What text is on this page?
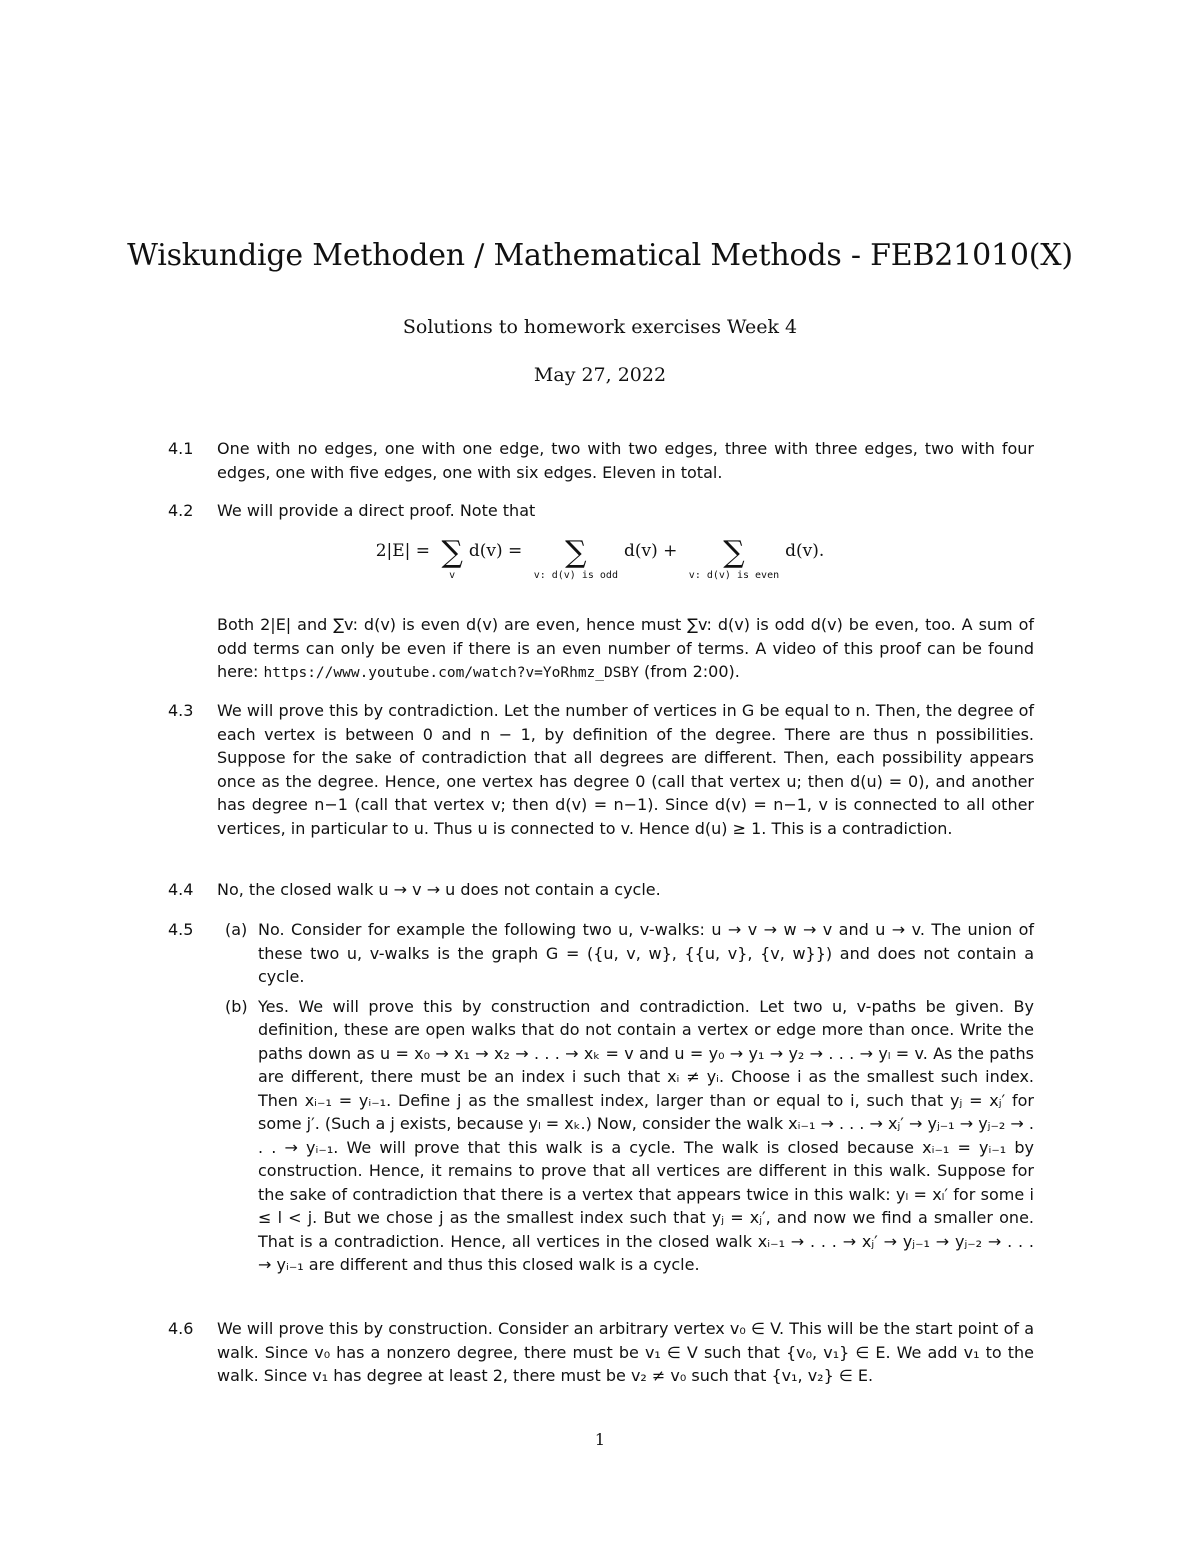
Wiskundige Methoden / Mathematical Methods - FEB21010(X)
Solutions to homework exercises Week 4
May 27, 2022
4.1	One with no edges, one with one edge, two with two edges, three with three edges, two with four edges, one with five edges, one with six edges. Eleven in total.
4.2	We will provide a direct proof. Note that
2|E| = ∑
v
d(v) =	∑
v: d(v) is odd
d(v) +	∑
v: d(v) is even
d(v).
Both 2|E| and ∑v: d(v) is even d(v) are even, hence must ∑v: d(v) is odd d(v) be even, too. A sum of odd terms can only be even if there is an even number of terms. A video of this proof can be found here: https://www.youtube.com/watch?v=YoRhmz_DSBY (from 2:00).
4.3	We will prove this by contradiction. Let the number of vertices in G be equal to n. Then, the degree of each vertex is between 0 and n − 1, by definition of the degree. There are thus n possibilities. Suppose for the sake of contradiction that all degrees are different. Then, each possibility appears once as the degree. Hence, one vertex has degree 0 (call that vertex u; then d(u) = 0), and another has degree n−1 (call that vertex v; then d(v) = n−1). Since d(v) = n−1, v is connected to all other vertices, in particular to u. Thus u is connected to v. Hence d(u) ≥ 1. This is a contradiction.
4.4	No, the closed walk u → v → u does not contain a cycle.
4.5	(a) No. Consider for example the following two u, v-walks: u → v → w → v and u → v. The union of these two u, v-walks is the graph G = ({u, v, w}, {{u, v}, {v, w}}) and does not contain a cycle.
(b) Yes. We will prove this by construction and contradiction. Let two u, v-paths be given. By definition, these are open walks that do not contain a vertex or edge more than once. Write the paths down as u = x₀ → x₁ → x₂ → . . . → xₖ = v and u = y₀ → y₁ → y₂ → . . . → yₗ = v. As the paths are different, there must be an index i such that xᵢ ≠ yᵢ. Choose i as the smallest such index. Then xᵢ₋₁ = yᵢ₋₁. Define j as the smallest index, larger than or equal to i, such that yⱼ = xⱼ′ for some j′. (Such a j exists, because yₗ = xₖ.) Now, consider the walk xᵢ₋₁ → . . . → xⱼ′ → yⱼ₋₁ → yⱼ₋₂ → . . . → yᵢ₋₁. We will prove that this walk is a cycle. The walk is closed because xᵢ₋₁ = yᵢ₋₁ by construction. Hence, it remains to prove that all vertices are different in this walk. Suppose for the sake of contradiction that there is a vertex that appears twice in this walk: yₗ = xₗ′ for some i ≤ l < j. But we chose j as the smallest index such that yⱼ = xⱼ′, and now we find a smaller one. That is a contradiction. Hence, all vertices in the closed walk xᵢ₋₁ → . . . → xⱼ′ → yⱼ₋₁ → yⱼ₋₂ → . . . → yᵢ₋₁ are different and thus this closed walk is a cycle.
4.6	We will prove this by construction. Consider an arbitrary vertex v₀ ∈ V. This will be the start point of a walk. Since v₀ has a nonzero degree, there must be v₁ ∈ V such that {v₀, v₁} ∈ E. We add v₁ to the walk. Since v₁ has degree at least 2, there must be v₂ ≠ v₀ such that {v₁, v₂} ∈ E.
1
